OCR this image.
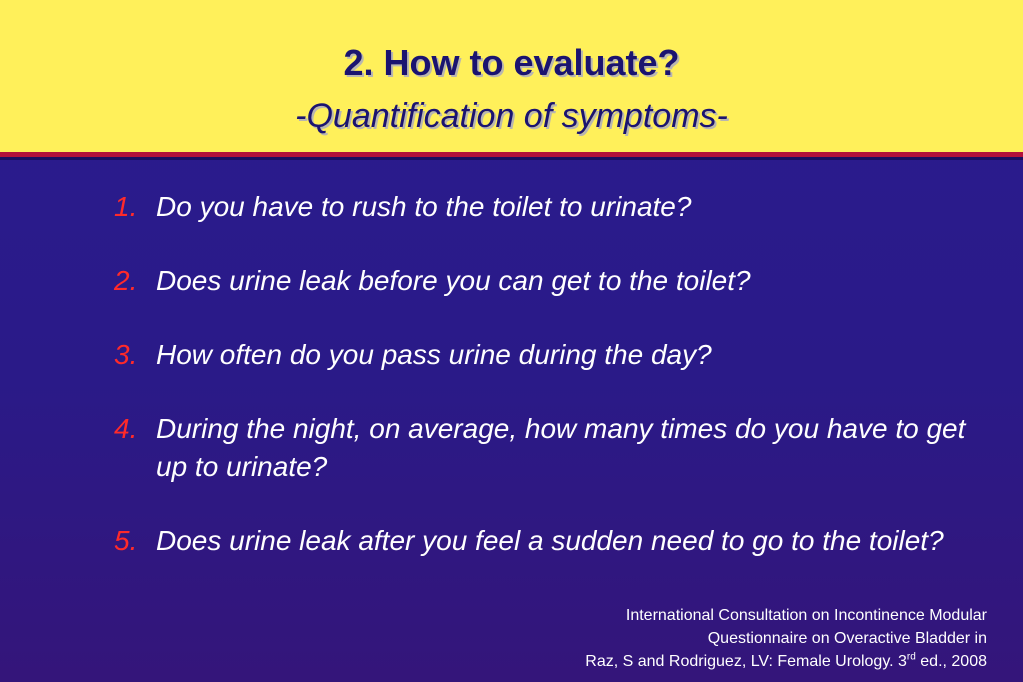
2. How to evaluate?
-Quantification of symptoms-
1. Do you have to rush to the toilet to urinate?
2. Does urine leak before you can get to the toilet?
3. How often do you pass urine during the day?
4. During the night, on average, how many times do you have to get up to urinate?
5. Does urine leak after you feel a sudden need to go to the toilet?
International Consultation on Incontinence Modular
Questionnaire on Overactive Bladder in
Raz, S and Rodriguez, LV: Female Urology. 3rd ed., 2008
